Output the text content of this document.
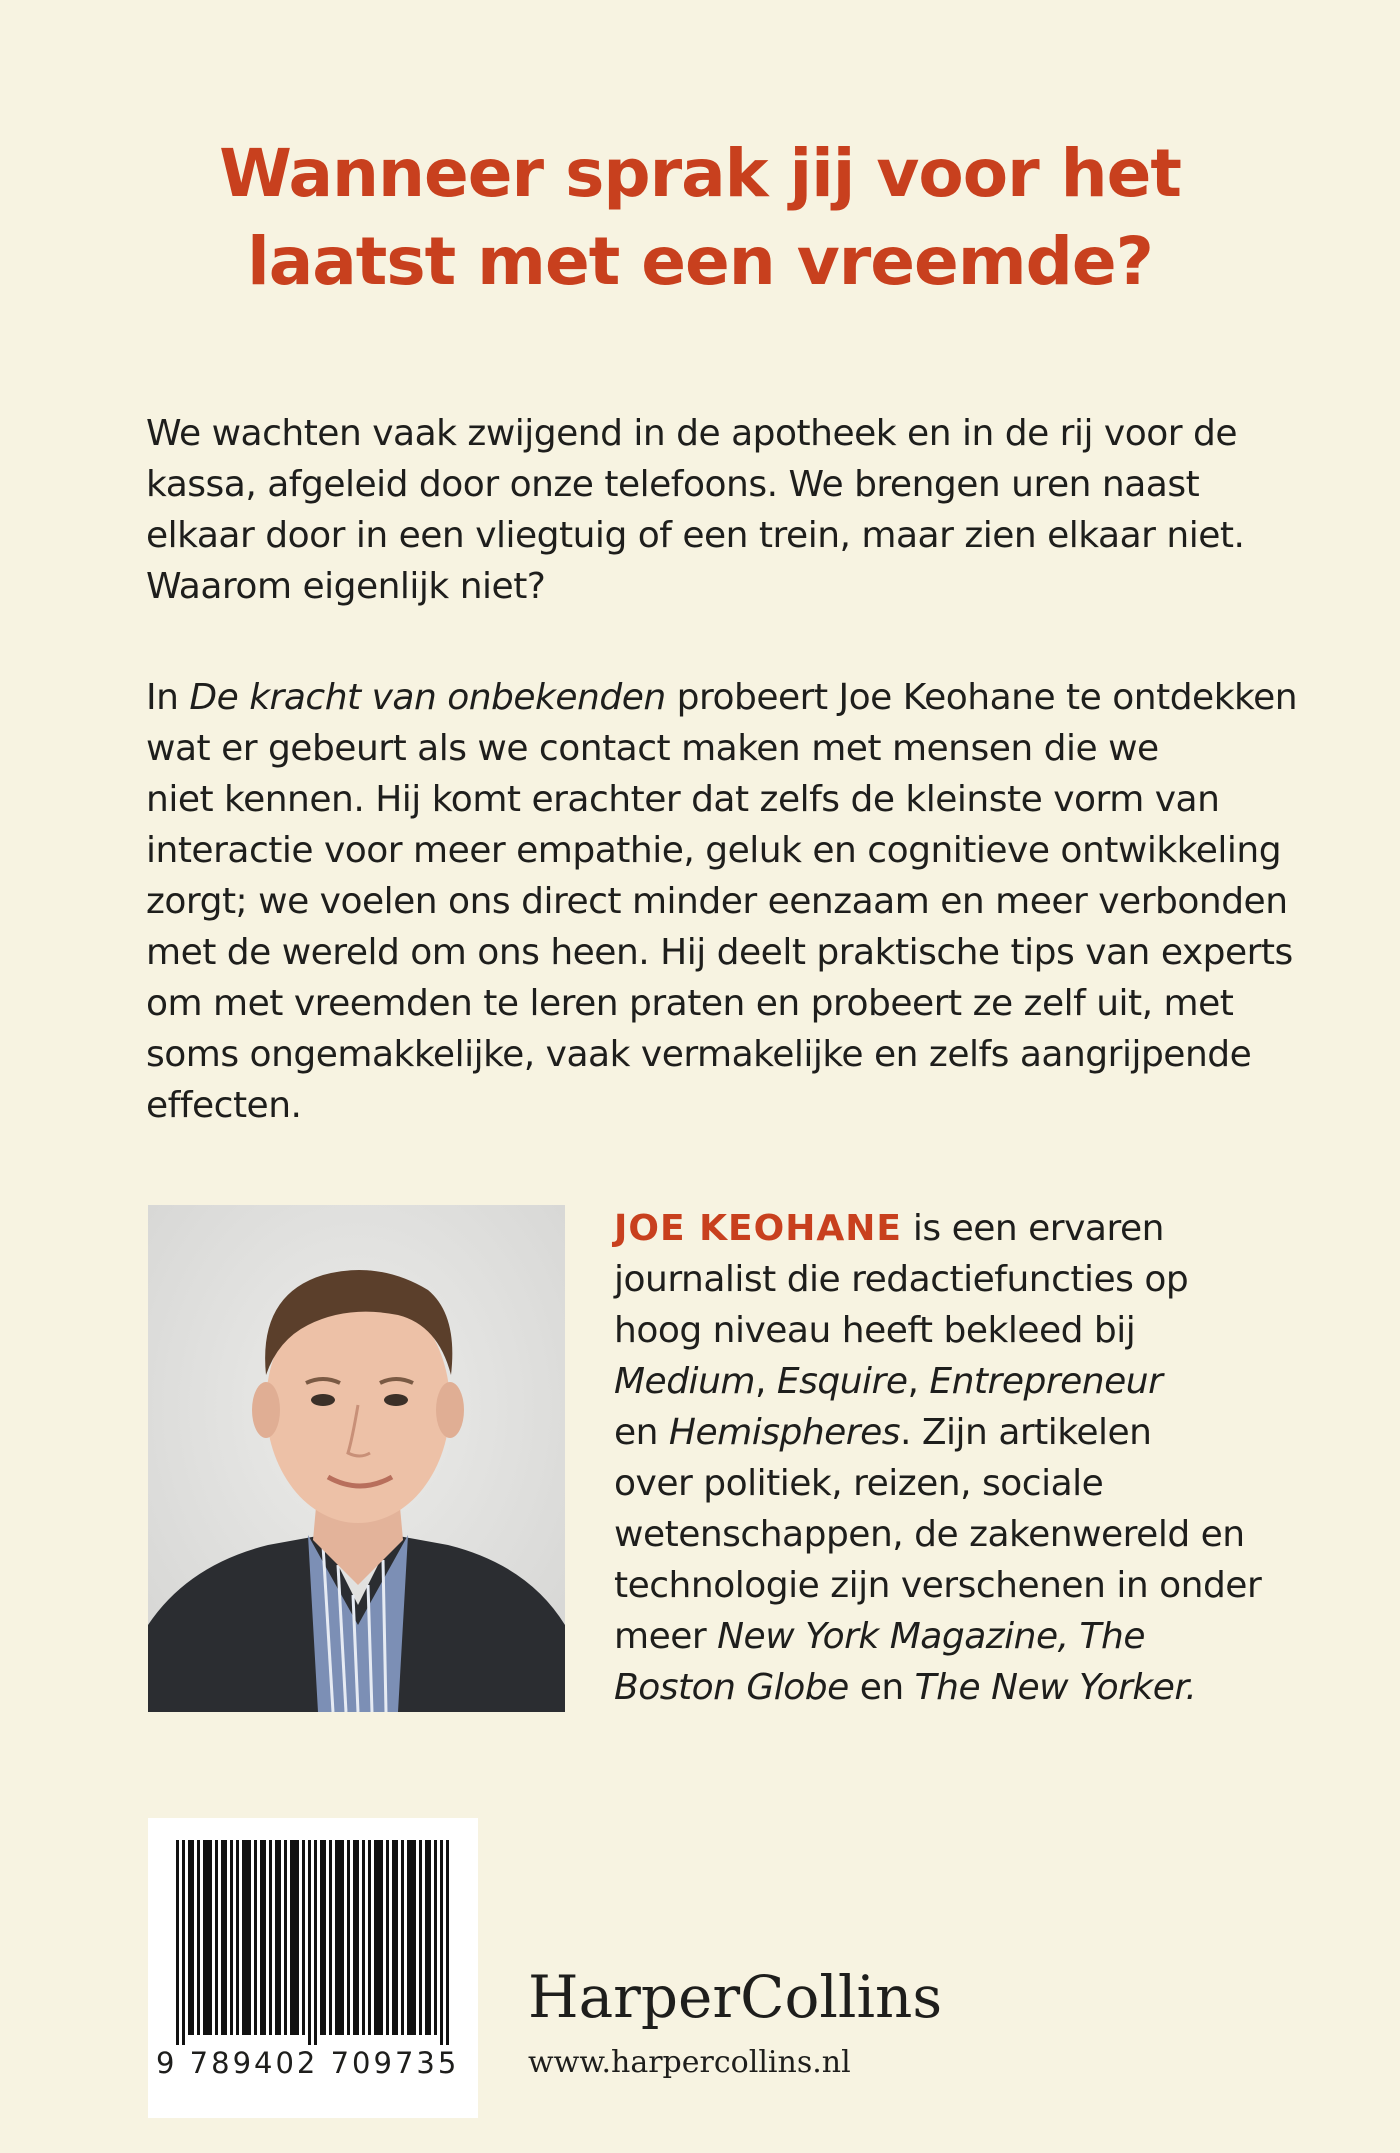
Wanneer sprak jij voor het
laatst met een vreemde?
We wachten vaak zwijgend in de apotheek en in de rij voor de
kassa, afgeleid door onze telefoons. We brengen uren naast
elkaar door in een vliegtuig of een trein, maar zien elkaar niet.
Waarom eigenlijk niet?
In De kracht van onbekenden probeert Joe Keohane te ontdekken
wat er gebeurt als we contact maken met mensen die we
niet kennen. Hij komt erachter dat zelfs de kleinste vorm van
interactie voor meer empathie, geluk en cognitieve ontwikkeling
zorgt; we voelen ons direct minder eenzaam en meer verbonden
met de wereld om ons heen. Hij deelt praktische tips van experts
om met vreemden te leren praten en probeert ze zelf uit, met
soms ongemakkelijke, vaak vermakelijke en zelfs aangrijpende
effecten.
JOE KEOHANE is een ervaren
journalist die redactiefuncties op
hoog niveau heeft bekleed bij
Medium, Esquire, Entrepreneur
en Hemispheres. Zijn artikelen
over politiek, reizen, sociale
wetenschappen, de zakenwereld en
technologie zijn verschenen in onder
meer New York Magazine, The
Boston Globe en The New Yorker.
9 789402 709735
HarperCollins
www.harpercollins.nl
